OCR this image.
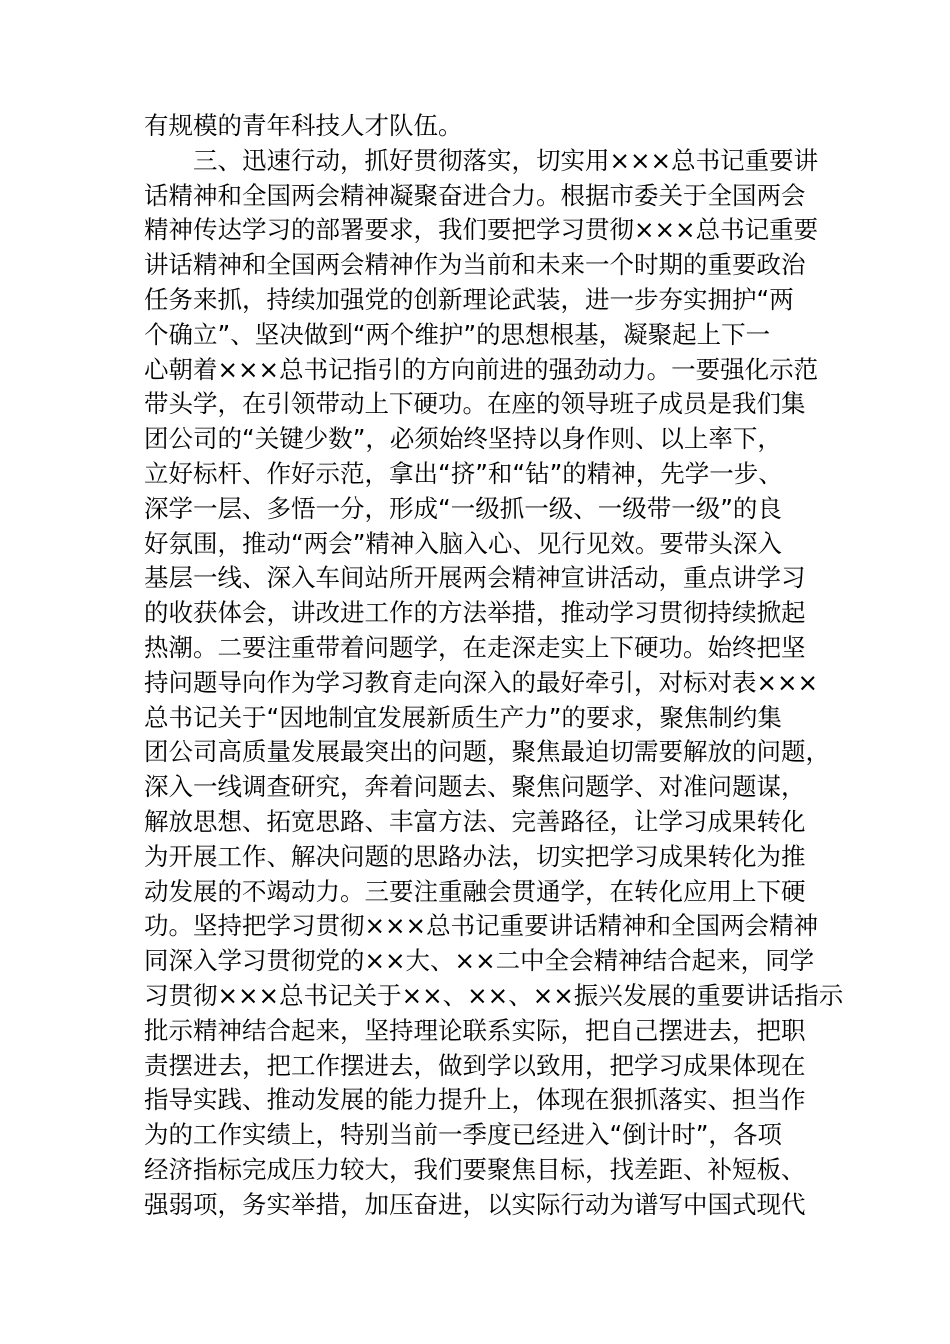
有规模的青年科技人才队伍。
　　三、迅速行动，抓好贯彻落实，切实用×××总书记重要讲
话精神和全国两会精神凝聚奋进合力。根据市委关于全国两会
精神传达学习的部署要求，我们要把学习贯彻×××总书记重要
讲话精神和全国两会精神作为当前和未来一个时期的重要政治
任务来抓，持续加强党的创新理论武装，进一步夯实拥护“两
个确立”、坚决做到“两个维护”的思想根基，凝聚起上下一
心朝着×××总书记指引的方向前进的强劲动力。一要强化示范
带头学，在引领带动上下硬功。在座的领导班子成员是我们集
团公司的“关键少数”，必须始终坚持以身作则、以上率下，
立好标杆、作好示范，拿出“挤”和“钻”的精神，先学一步、
深学一层、多悟一分，形成“一级抓一级、一级带一级”的良
好氛围，推动“两会”精神入脑入心、见行见效。要带头深入
基层一线、深入车间站所开展两会精神宣讲活动，重点讲学习
的收获体会，讲改进工作的方法举措，推动学习贯彻持续掀起
热潮。二要注重带着问题学，在走深走实上下硬功。始终把坚
持问题导向作为学习教育走向深入的最好牵引，对标对表×××
总书记关于“因地制宜发展新质生产力”的要求，聚焦制约集
团公司高质量发展最突出的问题，聚焦最迫切需要解放的问题，
深入一线调查研究，奔着问题去、聚焦问题学、对准问题谋，
解放思想、拓宽思路、丰富方法、完善路径，让学习成果转化
为开展工作、解决问题的思路办法，切实把学习成果转化为推
动发展的不竭动力。三要注重融会贯通学，在转化应用上下硬
功。坚持把学习贯彻×××总书记重要讲话精神和全国两会精神
同深入学习贯彻党的××大、××二中全会精神结合起来，同学
习贯彻×××总书记关于××、××、××振兴发展的重要讲话指示
批示精神结合起来，坚持理论联系实际，把自己摆进去，把职
责摆进去，把工作摆进去，做到学以致用，把学习成果体现在
指导实践、推动发展的能力提升上，体现在狠抓落实、担当作
为的工作实绩上，特别当前一季度已经进入“倒计时”，各项
经济指标完成压力较大，我们要聚焦目标，找差距、补短板、
强弱项，务实举措，加压奋进，以实际行动为谱写中国式现代
